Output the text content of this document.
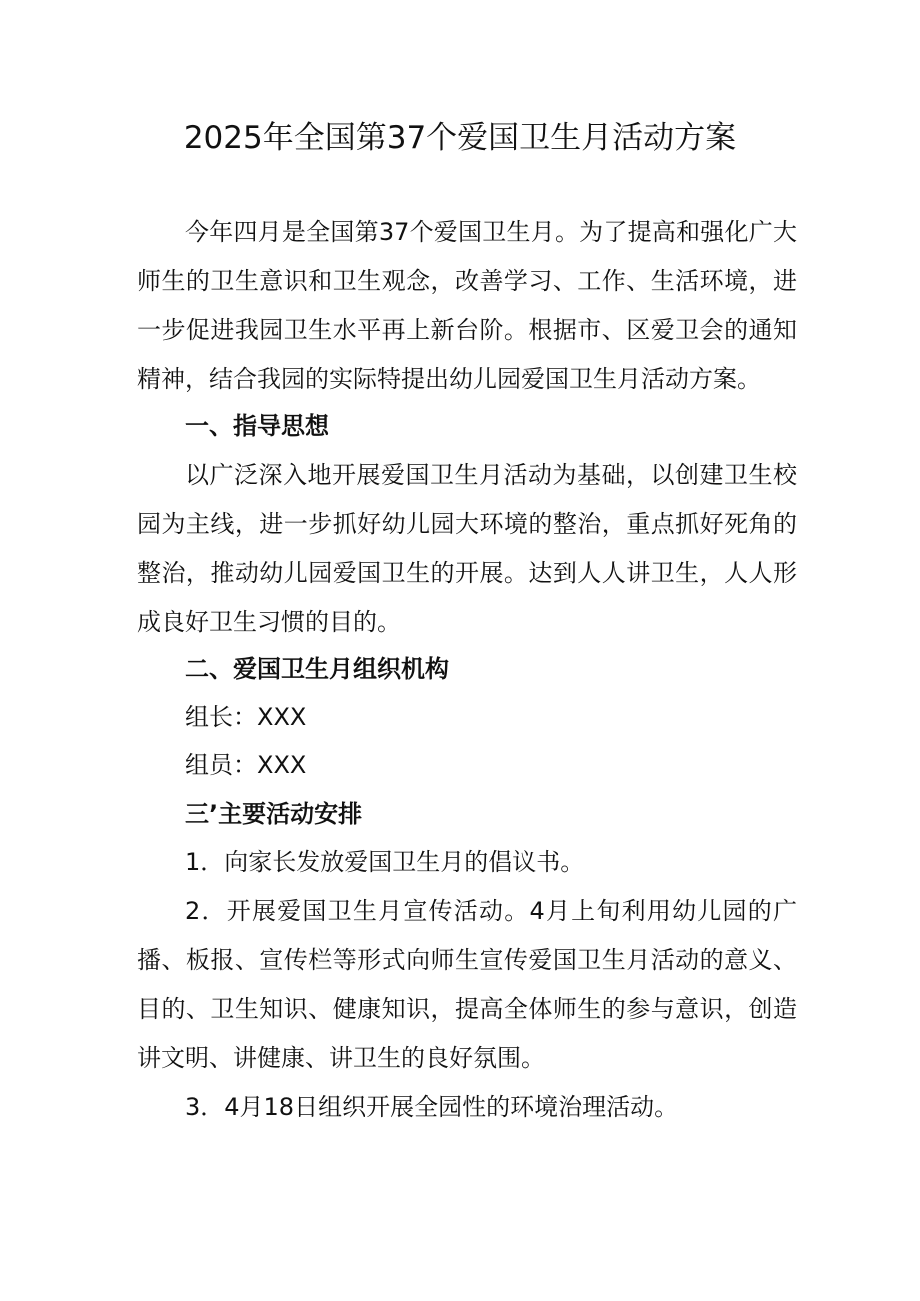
2025年全国第37个爱国卫生月活动方案

今年四月是全国第37个爱国卫生月。为了提高和强化广大师生的卫生意识和卫生观念，改善学习、工作、生活环境，进一步促进我园卫生水平再上新台阶。根据市、区爱卫会的通知精神，结合我园的实际特提出幼儿园爱国卫生月活动方案。

一、指导思想

以广泛深入地开展爱国卫生月活动为基础，以创建卫生校园为主线，进一步抓好幼儿园大环境的整治，重点抓好死角的整治，推动幼儿园爱国卫生的开展。达到人人讲卫生，人人形成良好卫生习惯的目的。

二、爱国卫生月组织机构

组长：XXX

组员：XXX

三’主要活动安排

1．向家长发放爱国卫生月的倡议书。

2．开展爱国卫生月宣传活动。4月上旬利用幼儿园的广播、板报、宣传栏等形式向师生宣传爱国卫生月活动的意义、目的、卫生知识、健康知识，提高全体师生的参与意识，创造讲文明、讲健康、讲卫生的良好氛围。

3．4月18日组织开展全园性的环境治理活动。
